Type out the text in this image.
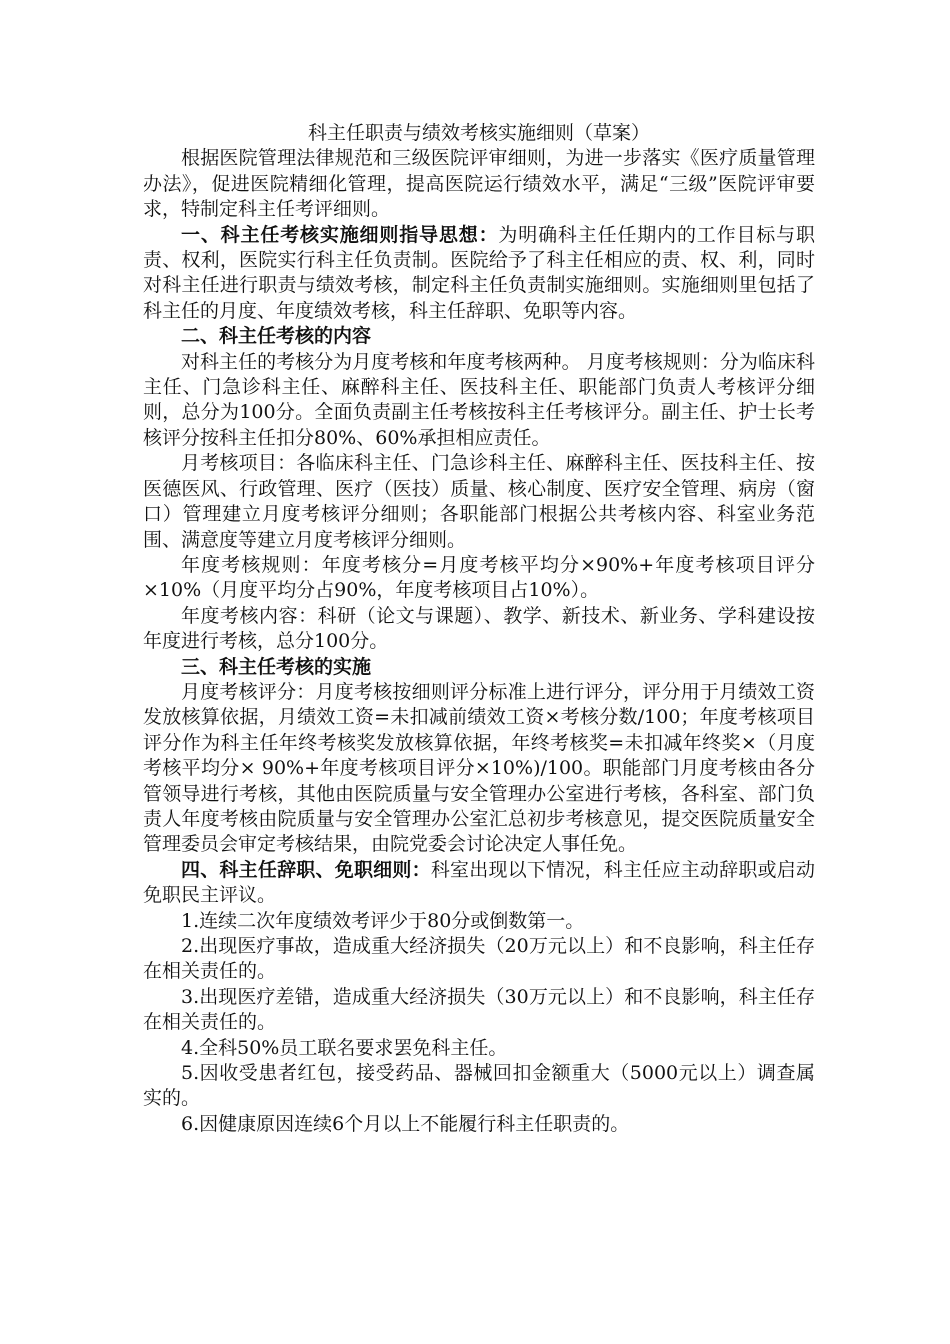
科主任职责与绩效考核实施细则（草案）

根据医院管理法律规范和三级医院评审细则，为进一步落实《医疗质量管理办法》，促进医院精细化管理，提高医院运行绩效水平，满足“三级”医院评审要求，特制定科主任考评细则。

一、科主任考核实施细则指导思想：为明确科主任任期内的工作目标与职责、权利，医院实行科主任负责制。医院给予了科主任相应的责、权、利，同时对科主任进行职责与绩效考核，制定科主任负责制实施细则。实施细则里包括了科主任的月度、年度绩效考核，科主任辞职、免职等内容。

二、科主任考核的内容

对科主任的考核分为月度考核和年度考核两种。 月度考核规则：分为临床科主任、门急诊科主任、麻醉科主任、医技科主任、职能部门负责人考核评分细则，总分为100分。全面负责副主任考核按科主任考核评分。副主任、护士长考核评分按科主任扣分80%、60%承担相应责任。

月考核项目：各临床科主任、门急诊科主任、麻醉科主任、医技科主任、按医德医风、行政管理、医疗（医技）质量、核心制度、医疗安全管理、病房（窗口）管理建立月度考核评分细则；各职能部门根据公共考核内容、科室业务范围、满意度等建立月度考核评分细则。

年度考核规则：年度考核分=月度考核平均分×90%+年度考核项目评分×10%（月度平均分占90%，年度考核项目占10%）。

年度考核内容：科研（论文与课题）、教学、新技术、新业务、学科建设按年度进行考核，总分100分。

三、科主任考核的实施

月度考核评分：月度考核按细则评分标准上进行评分，评分用于月绩效工资发放核算依据，月绩效工资=未扣减前绩效工资×考核分数/100；年度考核项目评分作为科主任年终考核奖发放核算依据，年终考核奖=未扣减年终奖×（月度考核平均分× 90%+年度考核项目评分×10%)/100。职能部门月度考核由各分管领导进行考核，其他由医院质量与安全管理办公室进行考核，各科室、部门负责人年度考核由院质量与安全管理办公室汇总初步考核意见，提交医院质量安全管理委员会审定考核结果，由院党委会讨论决定人事任免。

四、科主任辞职、免职细则：科室出现以下情况，科主任应主动辞职或启动免职民主评议。

1.连续二次年度绩效考评少于80分或倒数第一。

2.出现医疗事故，造成重大经济损失（20万元以上）和不良影响，科主任存在相关责任的。

3.出现医疗差错，造成重大经济损失（30万元以上）和不良影响，科主任存在相关责任的。

4.全科50%员工联名要求罢免科主任。

5.因收受患者红包，接受药品、器械回扣金额重大（5000元以上）调查属实的。

6.因健康原因连续6个月以上不能履行科主任职责的。
